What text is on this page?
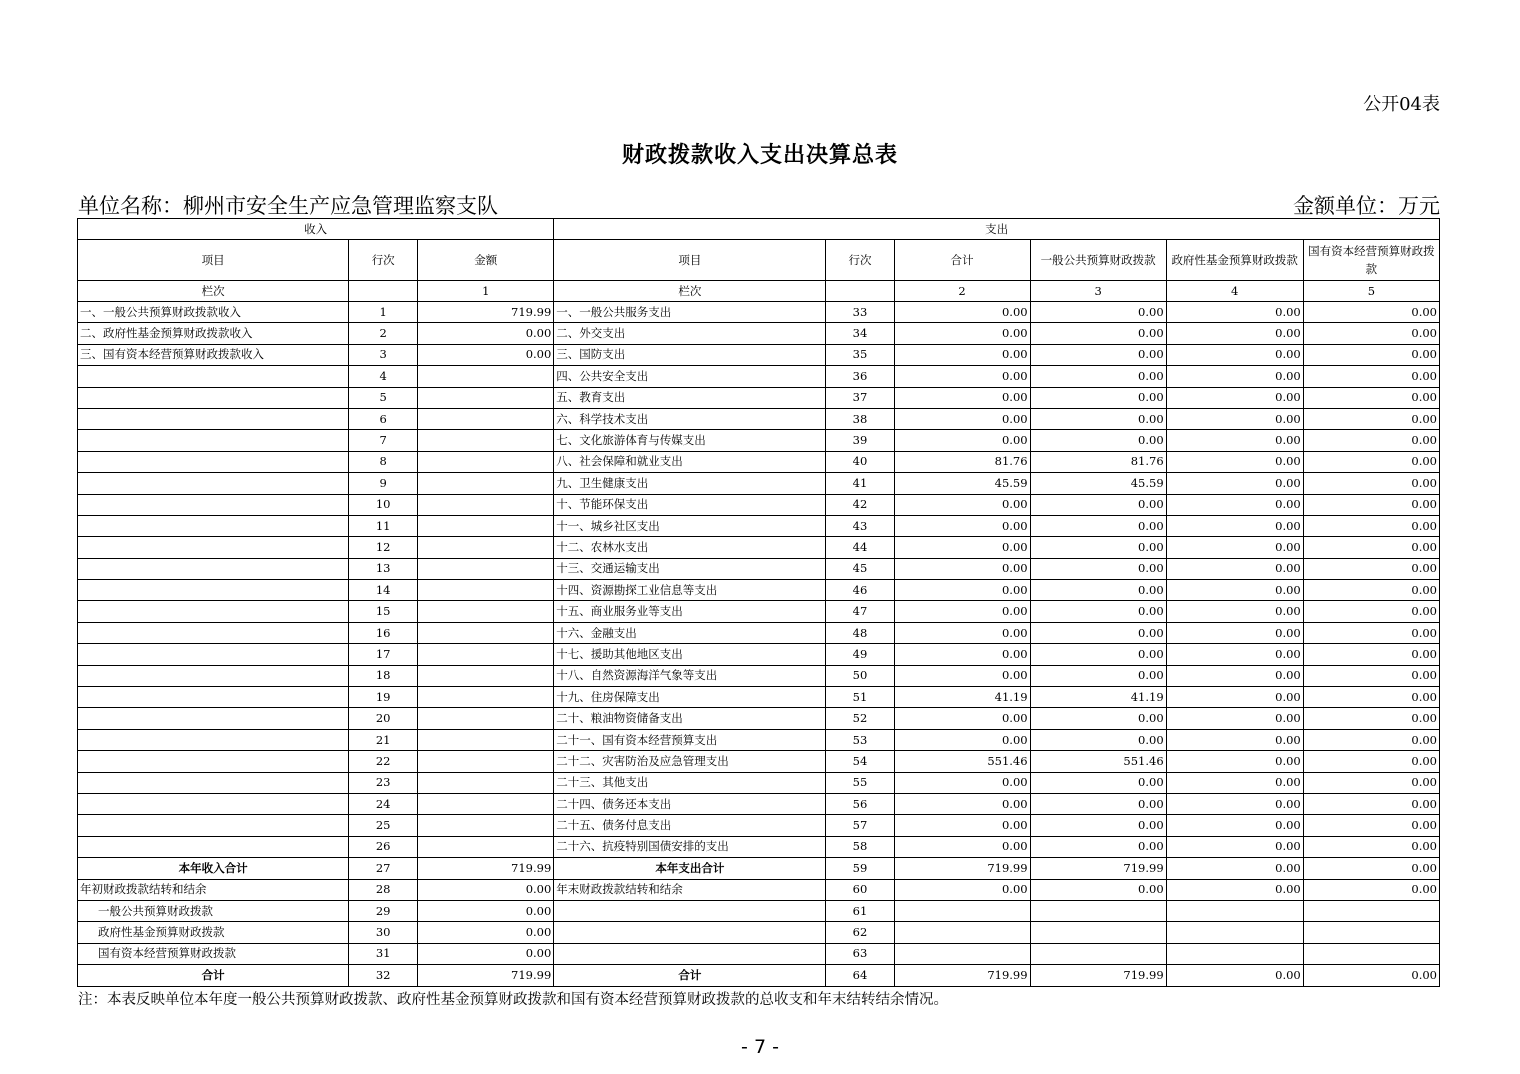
公开04表
财政拨款收入支出决算总表
单位名称：柳州市安全生产应急管理监察支队	金额单位：万元
收入			支出					
项目	行次	金额	项目	行次	合计	一般公共预算财政拨款	政府性基金预算财政拨款	国有资本经营预算财政拨款
栏次		1	栏次		2	3	4	5
一、一般公共预算财政拨款收入	1	719.99	一、一般公共服务支出	33	0.00	0.00	0.00	0.00
二、政府性基金预算财政拨款收入	2	0.00	二、外交支出	34	0.00	0.00	0.00	0.00
三、国有资本经营预算财政拨款收入	3	0.00	三、国防支出	35	0.00	0.00	0.00	0.00
	4		四、公共安全支出	36	0.00	0.00	0.00	0.00
	5		五、教育支出	37	0.00	0.00	0.00	0.00
	6		六、科学技术支出	38	0.00	0.00	0.00	0.00
	7		七、文化旅游体育与传媒支出	39	0.00	0.00	0.00	0.00
	8		八、社会保障和就业支出	40	81.76	81.76	0.00	0.00
	9		九、卫生健康支出	41	45.59	45.59	0.00	0.00
	10		十、节能环保支出	42	0.00	0.00	0.00	0.00
	11		十一、城乡社区支出	43	0.00	0.00	0.00	0.00
	12		十二、农林水支出	44	0.00	0.00	0.00	0.00
	13		十三、交通运输支出	45	0.00	0.00	0.00	0.00
	14		十四、资源勘探工业信息等支出	46	0.00	0.00	0.00	0.00
	15		十五、商业服务业等支出	47	0.00	0.00	0.00	0.00
	16		十六、金融支出	48	0.00	0.00	0.00	0.00
	17		十七、援助其他地区支出	49	0.00	0.00	0.00	0.00
	18		十八、自然资源海洋气象等支出	50	0.00	0.00	0.00	0.00
	19		十九、住房保障支出	51	41.19	41.19	0.00	0.00
	20		二十、粮油物资储备支出	52	0.00	0.00	0.00	0.00
	21		二十一、国有资本经营预算支出	53	0.00	0.00	0.00	0.00
	22		二十二、灾害防治及应急管理支出	54	551.46	551.46	0.00	0.00
	23		二十三、其他支出	55	0.00	0.00	0.00	0.00
	24		二十四、债务还本支出	56	0.00	0.00	0.00	0.00
	25		二十五、债务付息支出	57	0.00	0.00	0.00	0.00
	26		二十六、抗疫特别国债安排的支出	58	0.00	0.00	0.00	0.00
本年收入合计	27	719.99	本年支出合计	59	719.99	719.99	0.00	0.00
年初财政拨款结转和结余	28	0.00	年末财政拨款结转和结余	60	0.00	0.00	0.00	0.00
一般公共预算财政拨款	29	0.00		61				
政府性基金预算财政拨款	30	0.00		62				
国有资本经营预算财政拨款	31	0.00		63				
合计	32	719.99	合计	64	719.99	719.99	0.00	0.00
注：本表反映单位本年度一般公共预算财政拨款、政府性基金预算财政拨款和国有资本经营预算财政拨款的总收支和年末结转结余情况。
- 7 -
